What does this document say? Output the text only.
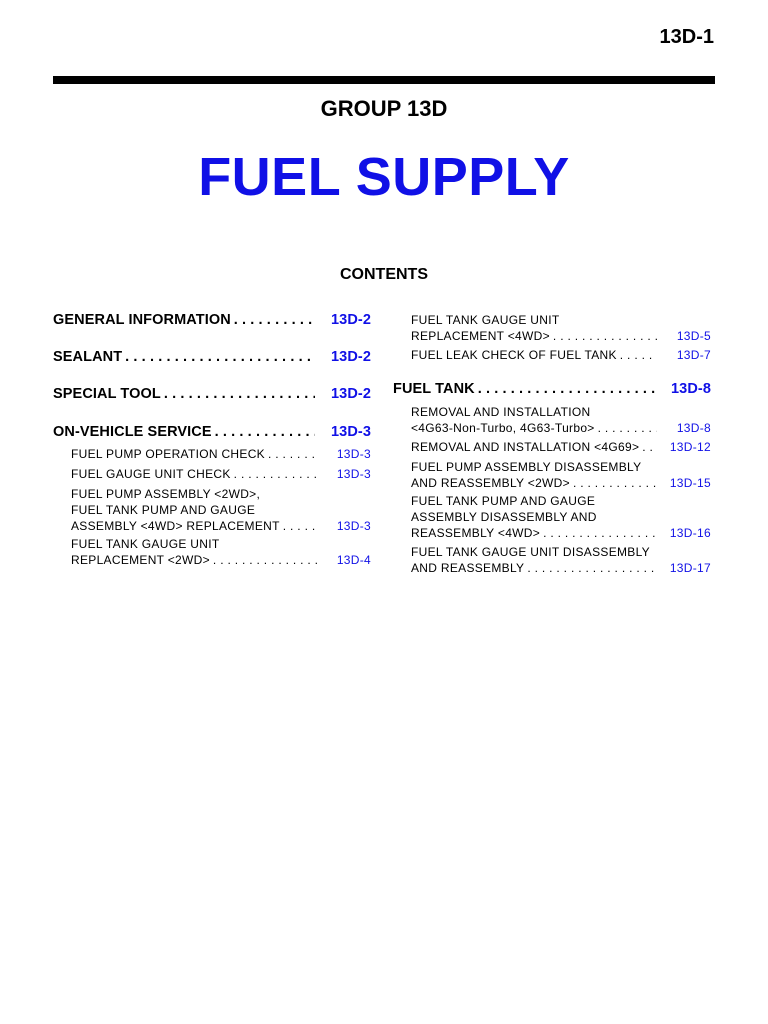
13D-1
GROUP 13D
FUEL SUPPLY
CONTENTS
GENERAL INFORMATION . . .	13D-2
SEALANT . . .	13D-2
SPECIAL TOOL . . .	13D-2
ON-VEHICLE SERVICE . . .	13D-3
FUEL PUMP OPERATION CHECK . . .	13D-3
FUEL GAUGE UNIT CHECK . . .	13D-3
FUEL PUMP ASSEMBLY <2WD>,
FUEL TANK PUMP AND GAUGE
ASSEMBLY <4WD> REPLACEMENT . . .	13D-3
FUEL TANK GAUGE UNIT
REPLACEMENT <2WD> . . .	13D-4
FUEL TANK GAUGE UNIT
REPLACEMENT <4WD> . . .	13D-5
FUEL LEAK CHECK OF FUEL TANK . . .	13D-7
FUEL TANK . . .	13D-8
REMOVAL AND INSTALLATION
<4G63-Non-Turbo, 4G63-Turbo> . . .	13D-8
REMOVAL AND INSTALLATION <4G69> . . .	13D-12
FUEL PUMP ASSEMBLY DISASSEMBLY
AND REASSEMBLY <2WD> . . .	13D-15
FUEL TANK PUMP AND GAUGE
ASSEMBLY DISASSEMBLY AND
REASSEMBLY <4WD> . . .	13D-16
FUEL TANK GAUGE UNIT DISASSEMBLY
AND REASSEMBLY . . .	13D-17
